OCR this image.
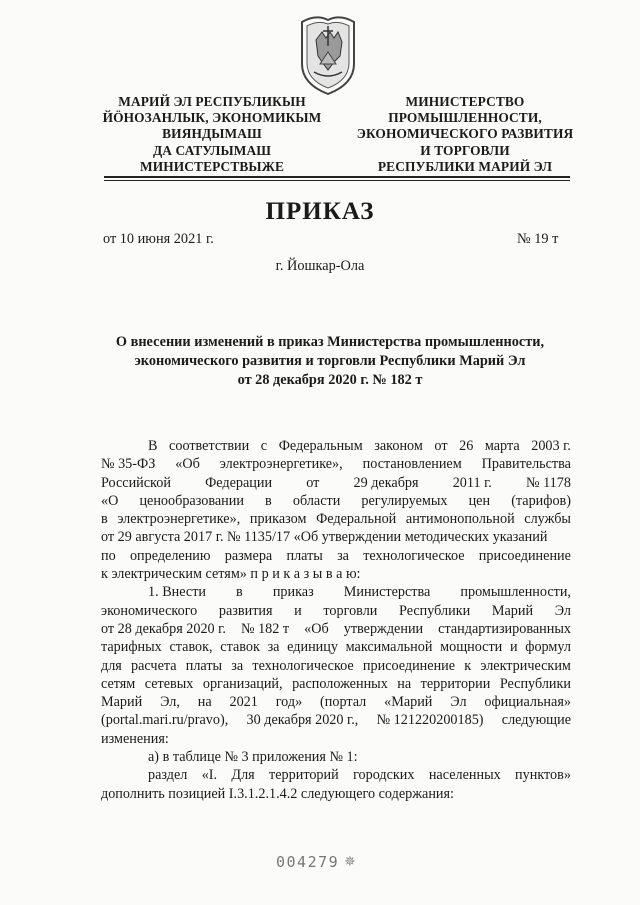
МАРИЙ ЭЛ РЕСПУБЛИКЫН
ЙӦНОЗАНЛЫК, ЭКОНОМИКЫМ
ВИЯНДЫМАШ
ДА САТУЛЫМАШ
МИНИСТЕРСТВЫЖЕ
МИНИСТЕРСТВО
ПРОМЫШЛЕННОСТИ,
ЭКОНОМИЧЕСКОГО РАЗВИТИЯ
И ТОРГОВЛИ
РЕСПУБЛИКИ МАРИЙ ЭЛ
ПРИКАЗ
от 10 июня 2021 г.	№ 19 т
г. Йошкар-Ола
О внесении изменений в приказ Министерства промышленности,
экономического развития и торговли Республики Марий Эл
от 28 декабря 2020 г. № 182 т
В соответствии с Федеральным законом от 26 марта 2003 г.
№ 35-ФЗ «Об электроэнергетике», постановлением Правительства
Российской Федерации от 29 декабря 2011 г. № 1178
«О ценообразовании в области регулируемых цен (тарифов)
в электроэнергетике», приказом Федеральной антимонопольной службы
от 29 августа 2017 г. № 1135/17 «Об утверждении методических указаний
по определению размера платы за технологическое присоединение
к электрическим сетям» п р и к а з ы в а ю:
1. Внести в приказ Министерства промышленности,
экономического развития и торговли Республики Марий Эл
от 28 декабря 2020 г. № 182 т «Об утверждении стандартизированных
тарифных ставок, ставок за единицу максимальной мощности и формул
для расчета платы за технологическое присоединение к электрическим
сетям сетевых организаций, расположенных на территории Республики
Марий Эл, на 2021 год» (портал «Марий Эл официальная»
(portal.mari.ru/pravo), 30 декабря 2020 г., № 121220200185) следующие
изменения:
а) в таблице № 3 приложения № 1:
раздел «I. Для территорий городских населенных пунктов»
дополнить позицией I.3.1.2.1.4.2 следующего содержания:
004279 ✵
